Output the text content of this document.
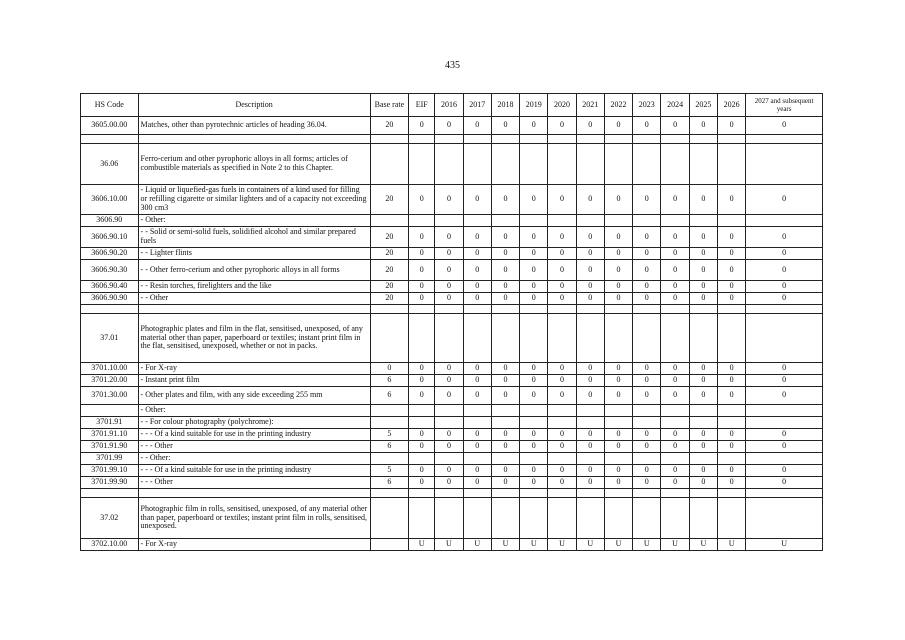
435
HS Code	Description	Base rate	EIF	2016	2017	2018	2019	2020	2021	2022	2023	2024	2025	2026	2027 and subsequent years
3605.00.00	Matches, other than pyrotechnic articles of heading 36.04.	20	0	0	0	0	0	0	0	0	0	0	0	0	0

36.06	Ferro-cerium and other pyrophoric alloys in all forms; articles of combustible materials as specified in Note 2 to this Chapter.														
3606.10.00	- Liquid or liquefied-gas fuels in containers of a kind used for filling or refilling cigarette or similar lighters and of a capacity not exceeding 300 cm3	20	0	0	0	0	0	0	0	0	0	0	0	0	0
3606.90	- Other:														
3606.90.10	- - Solid or semi-solid fuels, solidified alcohol and similar prepared fuels	20	0	0	0	0	0	0	0	0	0	0	0	0	0
3606.90.20	- - Lighter flints	20	0	0	0	0	0	0	0	0	0	0	0	0	0
3606.90.30	- - Other ferro-cerium and other pyrophoric alloys in all forms	20	0	0	0	0	0	0	0	0	0	0	0	0	0
3606.90.40	- - Resin torches, firelighters and the like	20	0	0	0	0	0	0	0	0	0	0	0	0	0
3606.90.90	- - Other	20	0	0	0	0	0	0	0	0	0	0	0	0	0

37.01	Photographic plates and film in the flat, sensitised, unexposed, of any material other than paper, paperboard or textiles; instant print film in the flat, sensitised, unexposed, whether or not in packs.														
3701.10.00	- For X-ray	0	0	0	0	0	0	0	0	0	0	0	0	0	0
3701.20.00	- Instant print film	6	0	0	0	0	0	0	0	0	0	0	0	0	0
3701.30.00	- Other plates and film, with any side exceeding 255 mm	6	0	0	0	0	0	0	0	0	0	0	0	0	0
	- Other:														
3701.91	- - For colour photography (polychrome):														
3701.91.10	- - - Of a kind suitable for use in the printing industry	5	0	0	0	0	0	0	0	0	0	0	0	0	0
3701.91.90	- - - Other	6	0	0	0	0	0	0	0	0	0	0	0	0	0
3701.99	- - Other:														
3701.99.10	- - - Of a kind suitable for use in the printing industry	5	0	0	0	0	0	0	0	0	0	0	0	0	0
3701.99.90	- - - Other	6	0	0	0	0	0	0	0	0	0	0	0	0	0

37.02	Photographic film in rolls, sensitised, unexposed, of any material other than paper, paperboard or textiles; instant print film in rolls, sensitised, unexposed.														
3702.10.00	- For X-ray		U	U	U	U	U	U	U	U	U	U	U	U	U
